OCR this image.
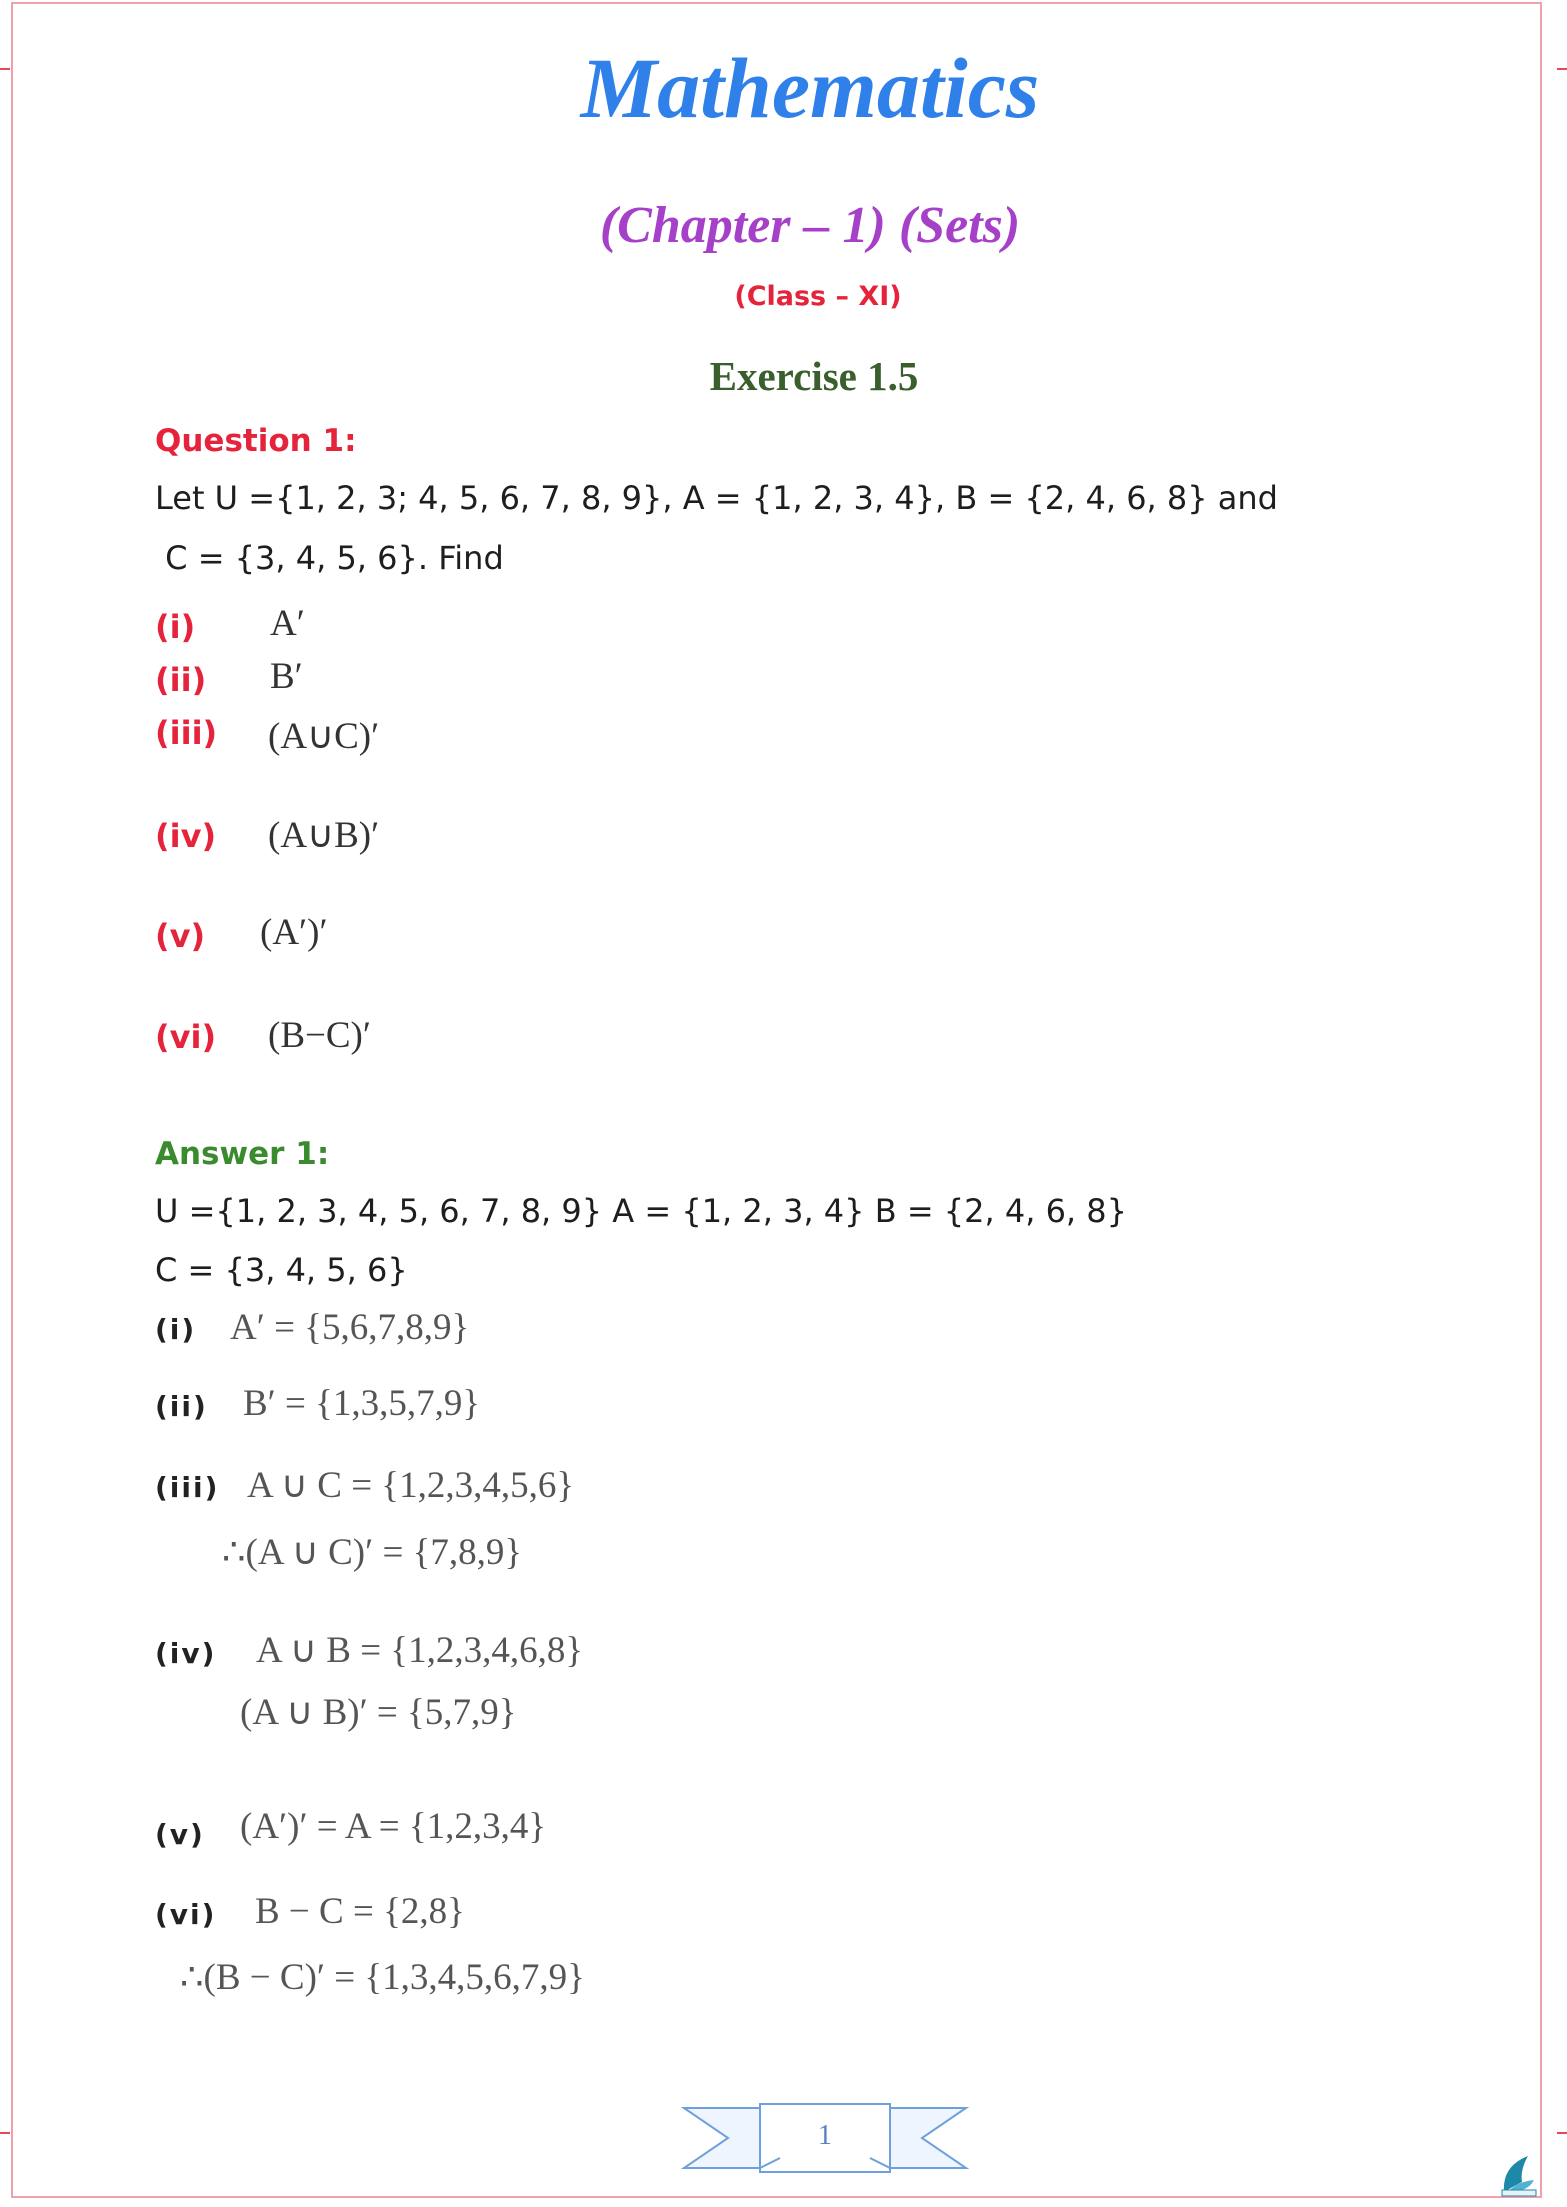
Mathematics
(Chapter – 1) (Sets)
(Class – XI)
Exercise 1.5
Question 1:
Let U ={1, 2, 3; 4, 5, 6, 7, 8, 9}, A = {1, 2, 3, 4}, B = {2, 4, 6, 8} and
C = {3, 4, 5, 6}. Find
(i) A′
(ii) B′
(iii) (A∪C)′
(iv) (A∪B)′
(v) (A′)′
(vi) (B−C)′
Answer 1:
U ={1, 2, 3, 4, 5, 6, 7, 8, 9} A = {1, 2, 3, 4} B = {2, 4, 6, 8}
C = {3, 4, 5, 6}
(i) A′ = {5,6,7,8,9}
(ii) B′ = {1,3,5,7,9}
(iii) A ∪ C = {1,2,3,4,5,6}
∴(A ∪ C)′ = {7,8,9}
(iv) A ∪ B = {1,2,3,4,6,8}
(A ∪ B)′ = {5,7,9}
(v) (A′)′ = A = {1,2,3,4}
(vi) B − C = {2,8}
∴(B − C)′ = {1,3,4,5,6,7,9}
1
